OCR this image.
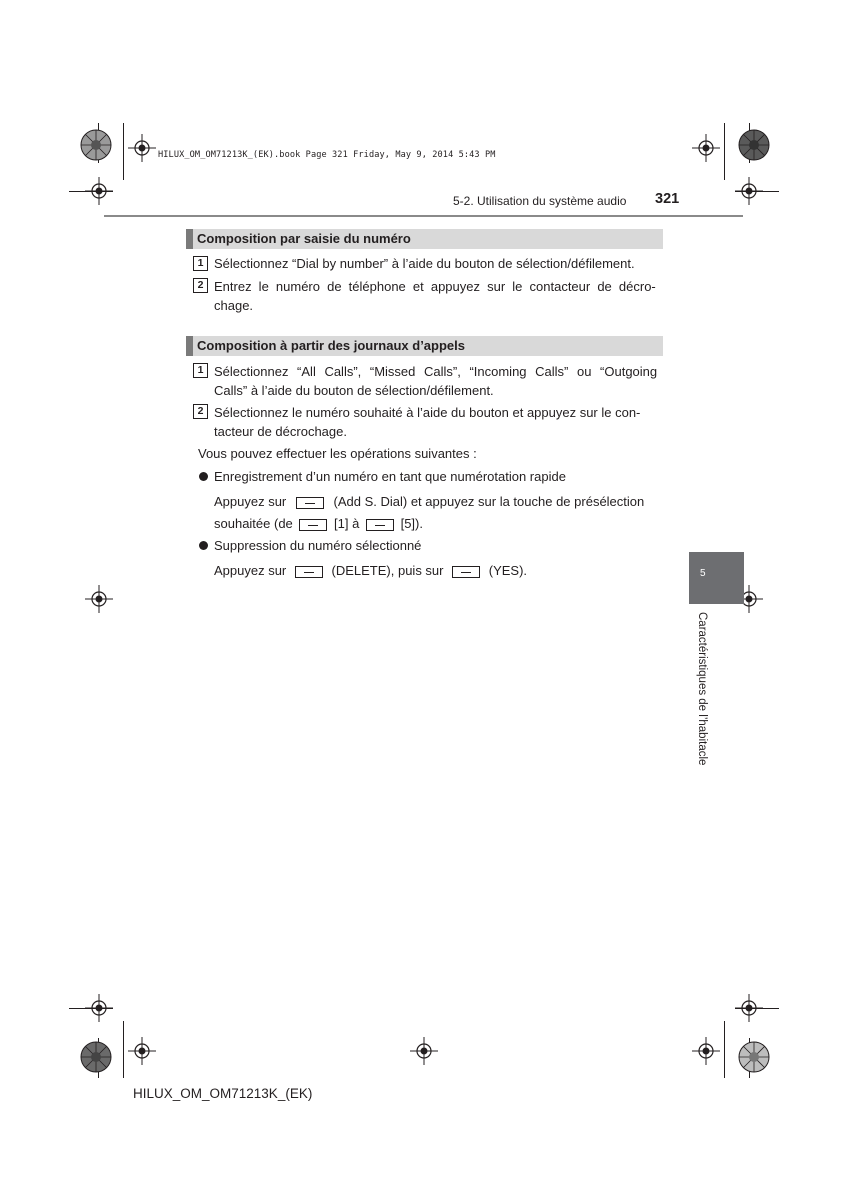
HILUX_OM_OM71213K_(EK).book Page 321 Friday, May 9, 2014 5:43 PM
5-2. Utilisation du système audio 321
Composition par saisie du numéro
1 Sélectionnez “Dial by number” à l’aide du bouton de sélection/défilement.
2 Entrez le numéro de téléphone et appuyez sur le contacteur de décro-
chage.
Composition à partir des journaux d’appels
1 Sélectionnez “All Calls”, “Missed Calls”, “Incoming Calls” ou “Outgoing
Calls” à l’aide du bouton de sélection/défilement.
2 Sélectionnez le numéro souhaité à l’aide du bouton et appuyez sur le con-
tacteur de décrochage.
Vous pouvez effectuer les opérations suivantes :
Enregistrement d’un numéro en tant que numérotation rapide
Appuyez sur	(Add S. Dial) et appuyez sur la touche de présélection
souhaitée (de	[1] à	[5]).
Suppression du numéro sélectionné
Appuyez sur	(DELETE), puis sur	(YES).	5
Caractéristiques de l’habitacle
HILUX_OM_OM71213K_(EK)
